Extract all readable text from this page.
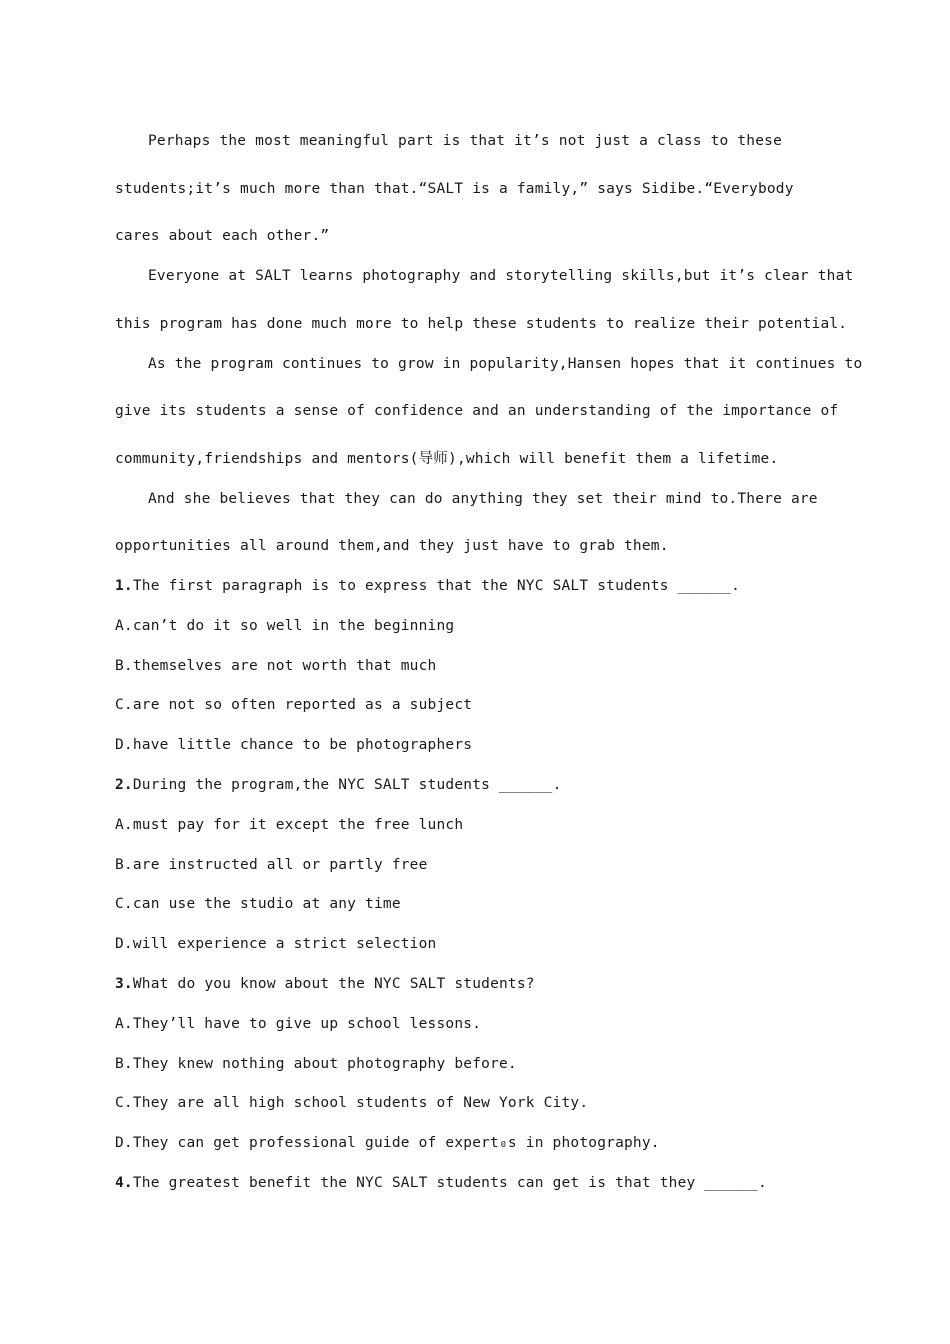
Perhaps the most meaningful part is that it’s not just a class to these
students;it’s much more than that.“SALT is a family,” says Sidibe.“Everybody
cares about each other.”
Everyone at SALT learns photography and storytelling skills,but it’s clear that
this program has done much more to help these students to realize their potential.
As the program continues to grow in popularity,Hansen hopes that it continues to
give its students a sense of confidence and an understanding of the importance of
community,friendships and mentors(导师),which will benefit them a lifetime.
And she believes that they can do anything they set their mind to.There are
opportunities all around them,and they just have to grab them.
1.The first paragraph is to express that the NYC SALT students ______.
A.can’t do it so well in the beginning
B.themselves are not worth that much
C.are not so often reported as a subject
D.have little chance to be photographers
2.During the program,the NYC SALT students ______.
A.must pay for it except the free lunch
B.are instructed all or partly free
C.can use the studio at any time
D.will experience a strict selection
3.What do you know about the NYC SALT students?
A.They’ll have to give up school lessons.
B.They knew nothing about photography before.
C.They are all high school students of New York City.
D.They can get professional guide of expert₀s in photography.
4.The greatest benefit the NYC SALT students can get is that they ______.
